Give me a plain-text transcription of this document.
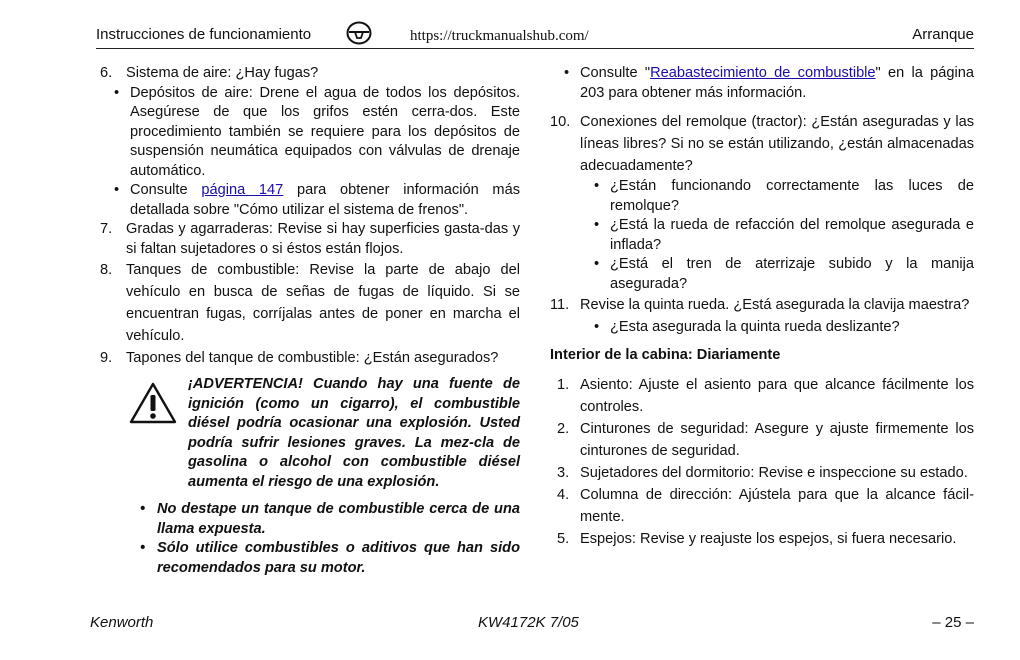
Instrucciones de funcionamiento	https://truckmanualshub.com/	Arranque
6. Sistema de aire: ¿Hay fugas?
• Depósitos de aire: Drene el agua de todos los depósitos. Asegúrese de que los grifos estén cerra-dos. Este procedimiento también se requiere para los depósitos de suspensión neumática equipados con válvulas de drenaje automático.
• Consulte página 147 para obtener información más detallada sobre "Cómo utilizar el sistema de frenos".
7. Gradas y agarraderas: Revise si hay superficies gasta-das y si faltan sujetadores o si éstos están flojos.
8. Tanques de combustible: Revise la parte de abajo del vehículo en busca de señas de fugas de líquido. Si se encuentran fugas, corríjalas antes de poner en marcha el vehículo.
9. Tapones del tanque de combustible: ¿Están asegurados?
¡ADVERTENCIA! Cuando hay una fuente de ignición (como un cigarro), el combustible diésel podría ocasionar una explosión. Usted podría sufrir lesiones graves. La mez-cla de gasolina o alcohol con combustible diésel aumenta el riesgo de una explosión.
• No destape un tanque de combustible cerca de una llama expuesta.
• Sólo utilice combustibles o aditivos que han sido recomendados para su motor.
• Consulte "Reabastecimiento de combustible" en la página 203 para obtener más información.
10. Conexiones del remolque (tractor): ¿Están aseguradas y las líneas libres? Si no se están utilizando, ¿están almacenadas adecuadamente?
• ¿Están funcionando correctamente las luces de remolque?
• ¿Está la rueda de refacción del remolque asegurada e inflada?
• ¿Está el tren de aterrizaje subido y la manija asegurada?
11. Revise la quinta rueda. ¿Está asegurada la clavija maestra?
• ¿Esta asegurada la quinta rueda deslizante?
Interior de la cabina: Diariamente
1. Asiento: Ajuste el asiento para que alcance fácilmente los controles.
2. Cinturones de seguridad: Asegure y ajuste firmemente los cinturones de seguridad.
3. Sujetadores del dormitorio: Revise e inspeccione su estado.
4. Columna de dirección: Ajústela para que la alcance fácil-mente.
5. Espejos: Revise y reajuste los espejos, si fuera necesario.
Kenworth	KW4172K 7/05	– 25 –
